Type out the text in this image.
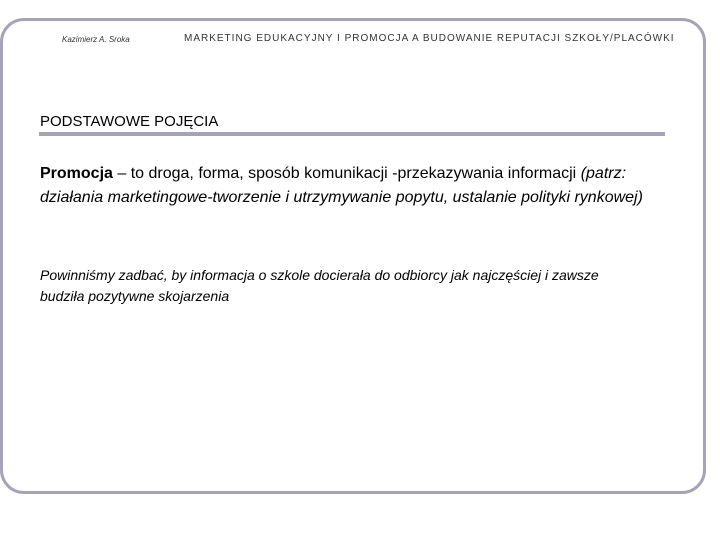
Kazimierz A. Sroka	MARKETING EDUKACYJNY I PROMOCJA A BUDOWANIE REPUTACJI SZKOŁY/PLACÓWKI
PODSTAWOWE POJĘCIA

Promocja – to droga, forma, sposób komunikacji -przekazywania informacji (patrz: działania marketingowe-tworzenie i utrzymywanie popytu, ustalanie polityki rynkowej)

Powinniśmy zadbać, by informacja o szkole docierała do odbiorcy jak najczęściej i zawsze budziła pozytywne skojarzenia
